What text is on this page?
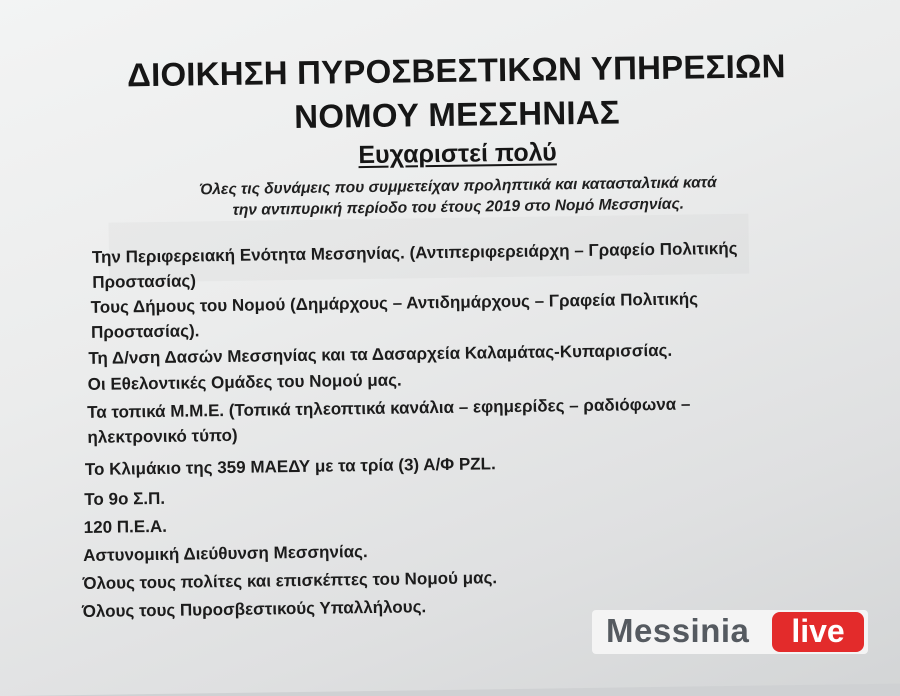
ΔΙΟΙΚΗΣΗ ΠΥΡΟΣΒΕΣΤΙΚΩΝ ΥΠΗΡΕΣΙΩΝ
ΝΟΜΟΥ ΜΕΣΣΗΝΙΑΣ
Ευχαριστεί πολύ
Όλες τις δυνάμεις που συμμετείχαν προληπτικά και κατασταλτικά κατά
την αντιπυρική περίοδο του έτους 2019 στο Νομό Μεσσηνίας.
Την Περιφερειακή Ενότητα Μεσσηνίας. (Αντιπεριφερειάρχη – Γραφείο Πολιτικής
Προστασίας)
Τους Δήμους του Νομού (Δημάρχους – Αντιδημάρχους – Γραφεία Πολιτικής
Προστασίας).
Τη Δ/νση Δασών Μεσσηνίας και τα Δασαρχεία Καλαμάτας-Κυπαρισσίας.
Οι Εθελοντικές Ομάδες του Νομού μας.
Τα τοπικά Μ.Μ.Ε. (Τοπικά τηλεοπτικά κανάλια – εφημερίδες – ραδιόφωνα –
ηλεκτρονικό τύπο)
Το Κλιμάκιο της 359 ΜΑΕΔΥ με τα τρία (3) Α/Φ PZL.
Το 9ο Σ.Π.
120 Π.Ε.Α.
Αστυνομική Διεύθυνση Μεσσηνίας.
Όλους τους πολίτες και επισκέπτες του Νομού μας.
Όλους τους Πυροσβεστικούς Υπαλλήλους.
Messinia	live
